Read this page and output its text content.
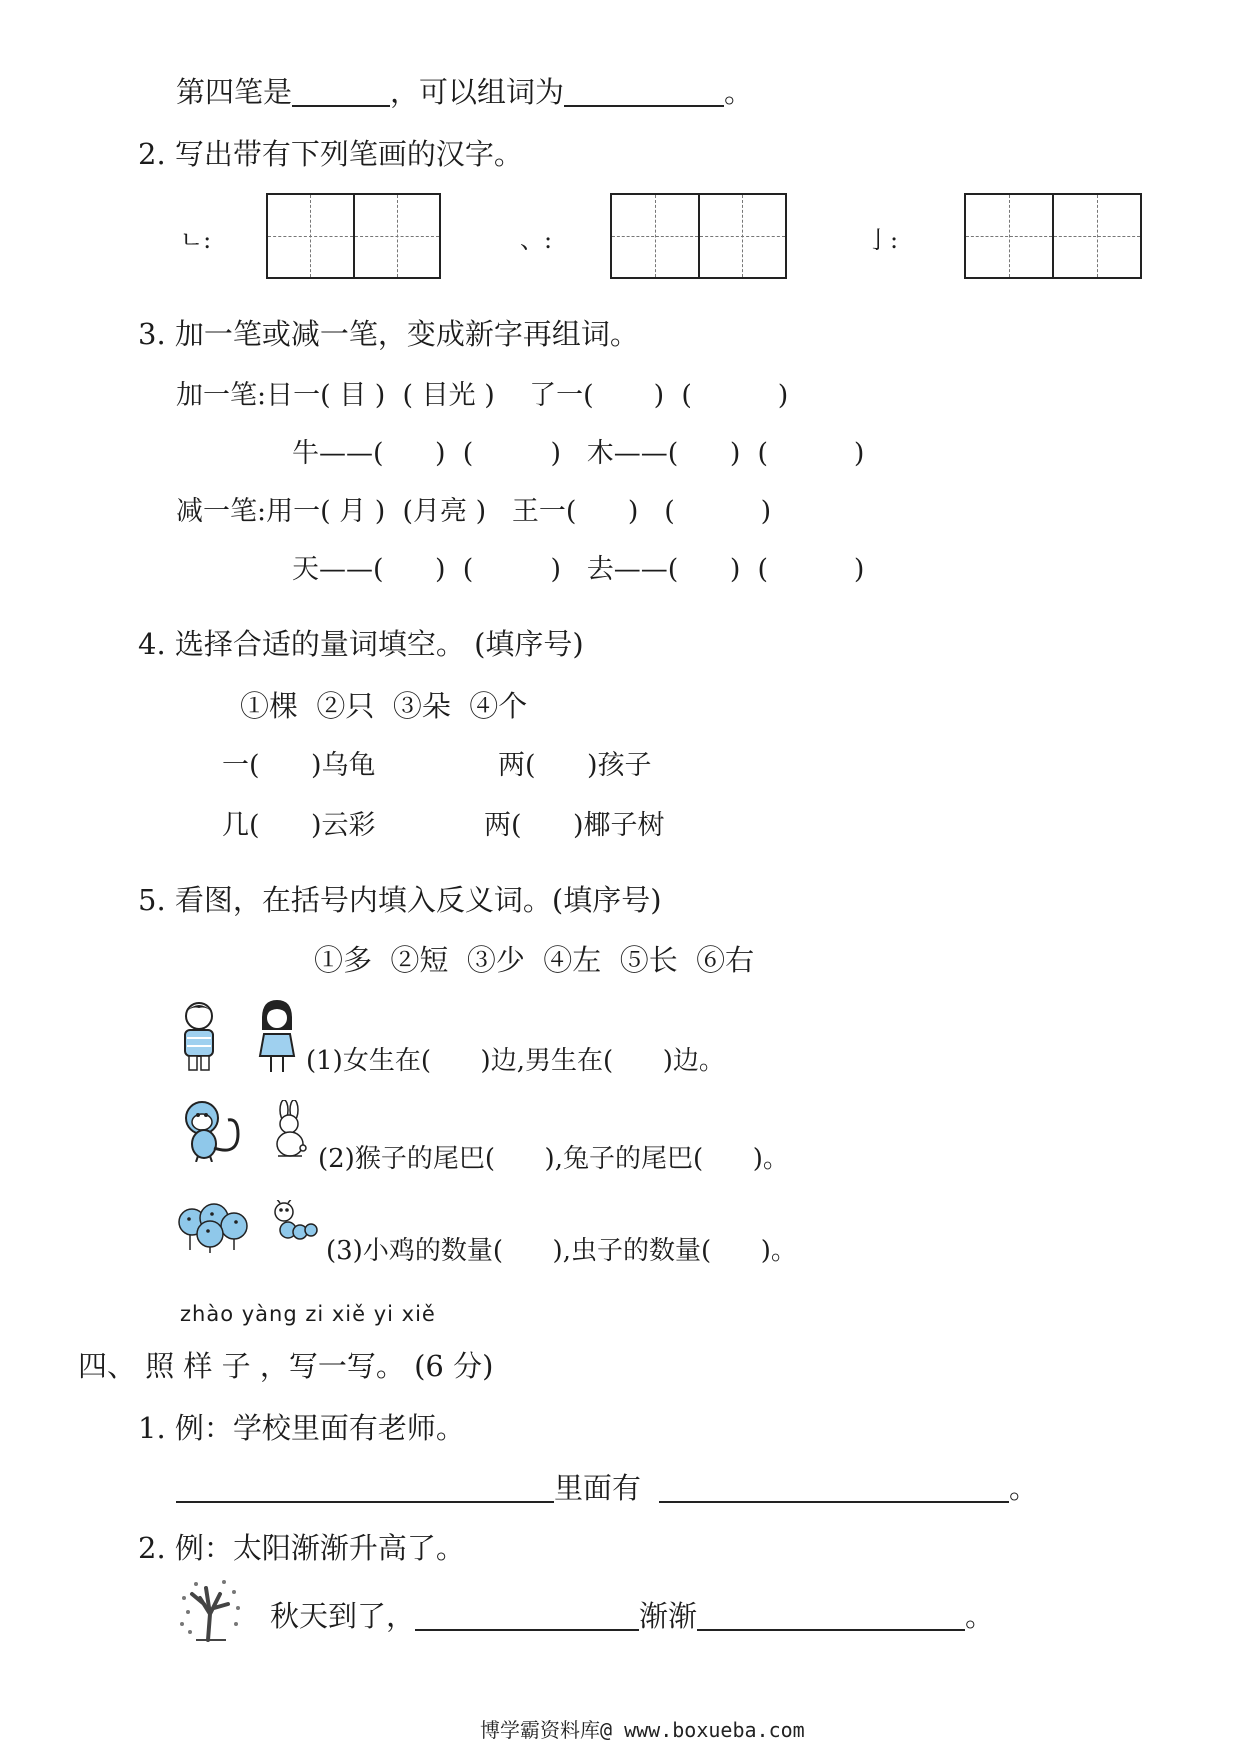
第四笔是	，可以组词为	。
2. 写出带有下列笔画的汉字。
ㄴ:	、:	亅:
3. 加一笔或减一笔，变成新字再组词。
加一笔:日一( 目 )  ( 目光 )    了一(       )  (          )
牛——(      )  (         )   木——(      )  (          )
减一笔:用一( 月 )  (月亮 )   王一(      )   (          )
天——(      )  (         )   去——(      )  (          )
4. 选择合适的量词填空。 (填序号)
①棵  ②只  ③朵  ④个
一(      )乌龟	两(      )孩子
几(      )云彩	两(      )椰子树
5. 看图，在括号内填入反义词。(填序号)
①多  ②短  ③少  ④左  ⑤长  ⑥右
(1)女生在(      )边,男生在(      )边。
(2)猴子的尾巴(      ),兔子的尾巴(      )。
(3)小鸡的数量(      ),虫子的数量(      )。
zhào yàng zi xiě yi xiě
四、 照 样 子 ，写一写。 (6 分)
1. 例：学校里面有老师。
里面有	。
2. 例：太阳渐渐升高了。
秋天到了，	渐渐	。
博学霸资料库@ www.boxueba.com
